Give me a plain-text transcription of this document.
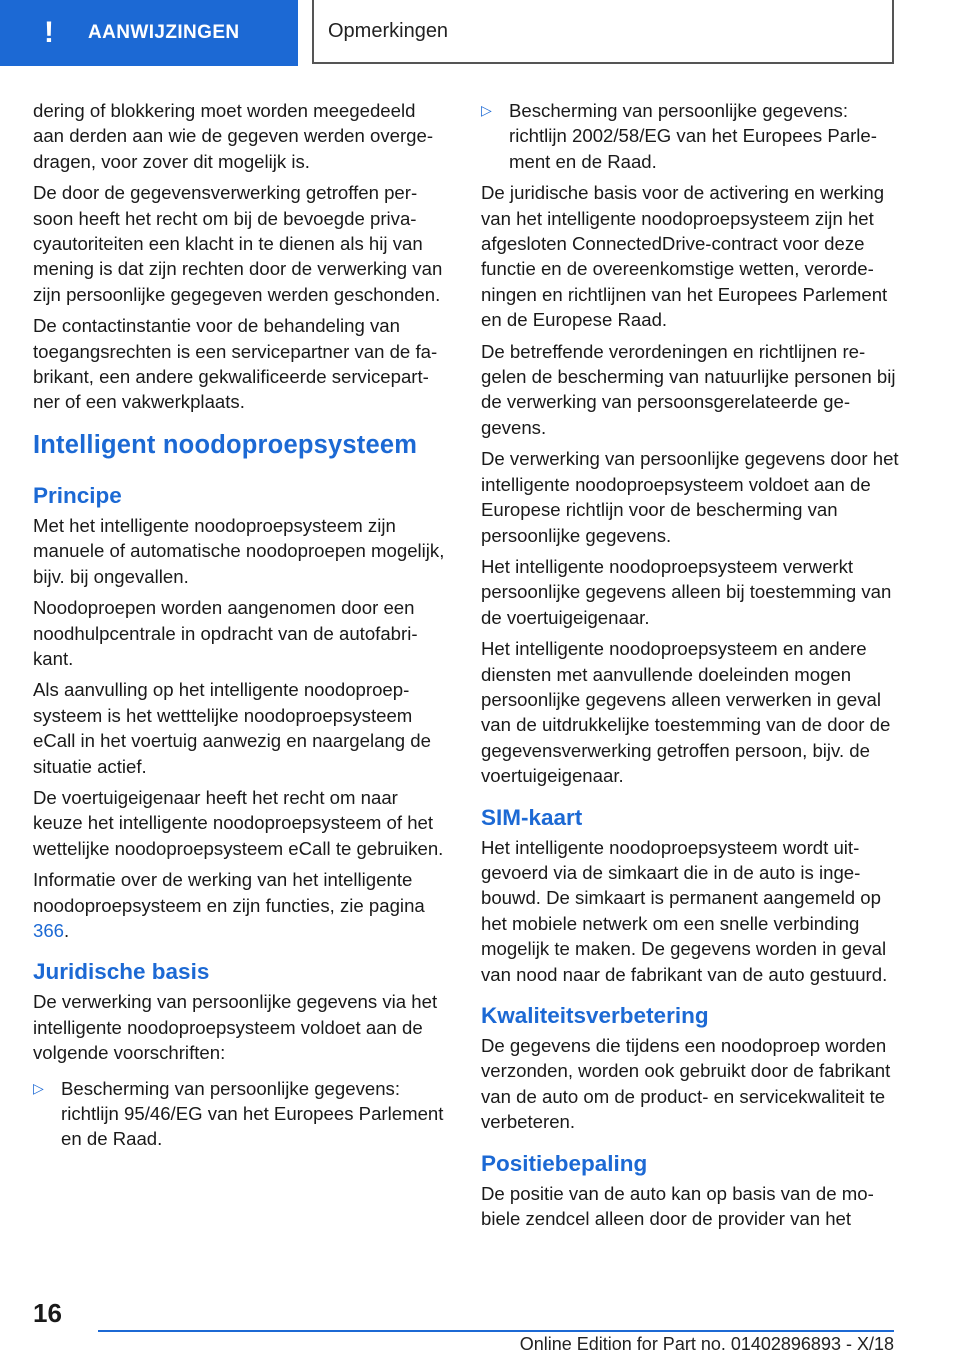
!	AANWIJZINGEN	Opmerkingen

dering of blokkering moet worden meegedeeld aan derden aan wie de gegeven werden overgedragen, voor zover dit mogelijk is.

De door de gegevensverwerking getroffen persoon heeft het recht om bij de bevoegde privacyautoriteiten een klacht in te dienen als hij van mening is dat zijn rechten door de verwerking van zijn persoonlijke gegegeven werden geschonden.

De contactinstantie voor de behandeling van toegangsrechten is een servicepartner van de fabrikant, een andere gekwalificeerde servicepartner of een vakwerkplaats.

Intelligent noodoproepsysteem
Principe

Met het intelligente noodoproepsysteem zijn manuele of automatische noodoproepen mogelijk, bijv. bij ongevallen.

Noodoproepen worden aangenomen door een noodhulpcentrale in opdracht van de autofabrikant.

Als aanvulling op het intelligente noodoproepsysteem is het wetttelijke noodoproepsysteem eCall in het voertuig aanwezig en naargelang de situatie actief.

De voertuigeigenaar heeft het recht om naar keuze het intelligente noodoproepsysteem of het wettelijke noodoproepsysteem eCall te gebruiken.

Informatie over de werking van het intelligente noodoproepsysteem en zijn functies, zie pagina 366.

Juridische basis

De verwerking van persoonlijke gegevens via het intelligente noodoproepsysteem voldoet aan de volgende voorschriften:

▷ Bescherming van persoonlijke gegevens: richtlijn 95/46/EG van het Europees Parlement en de Raad.
▷ Bescherming van persoonlijke gegevens: richtlijn 2002/58/EG van het Europees Parlement en de Raad.

De juridische basis voor de activering en werking van het intelligente noodoproepsysteem zijn het afgesloten ConnectedDrive-contract voor deze functie en de overeenkomstige wetten, verordeningen en richtlijnen van het Europees Parlement en de Europese Raad.

De betreffende verordeningen en richtlijnen regelen de bescherming van natuurlijke personen bij de verwerking van persoonsgerelateerde gegevens.

De verwerking van persoonlijke gegevens door het intelligente noodoproepsysteem voldoet aan de Europese richtlijn voor de bescherming van persoonlijke gegevens.

Het intelligente noodoproepsysteem verwerkt persoonlijke gegevens alleen bij toestemming van de voertuigeigenaar.

Het intelligente noodoproepsysteem en andere diensten met aanvullende doeleinden mogen persoonlijke gegevens alleen verwerken in geval van de uitdrukkelijke toestemming van de door de gegevensverwerking getroffen persoon, bijv. de voertuigeigenaar.

SIM-kaart

Het intelligente noodoproepsysteem wordt uitgevoerd via de simkaart die in de auto is ingebouwd. De simkaart is permanent aangemeld op het mobiele netwerk om een snelle verbinding mogelijk te maken. De gegevens worden in geval van nood naar de fabrikant van de auto gestuurd.

Kwaliteitsverbetering

De gegevens die tijdens een noodoproep worden verzonden, worden ook gebruikt door de fabrikant van de auto om de product- en servicekwaliteit te verbeteren.

Positiebepaling

De positie van de auto kan op basis van de mobiele zendcel alleen door de provider van het

16
Online Edition for Part no. 01402896893 - X/18
